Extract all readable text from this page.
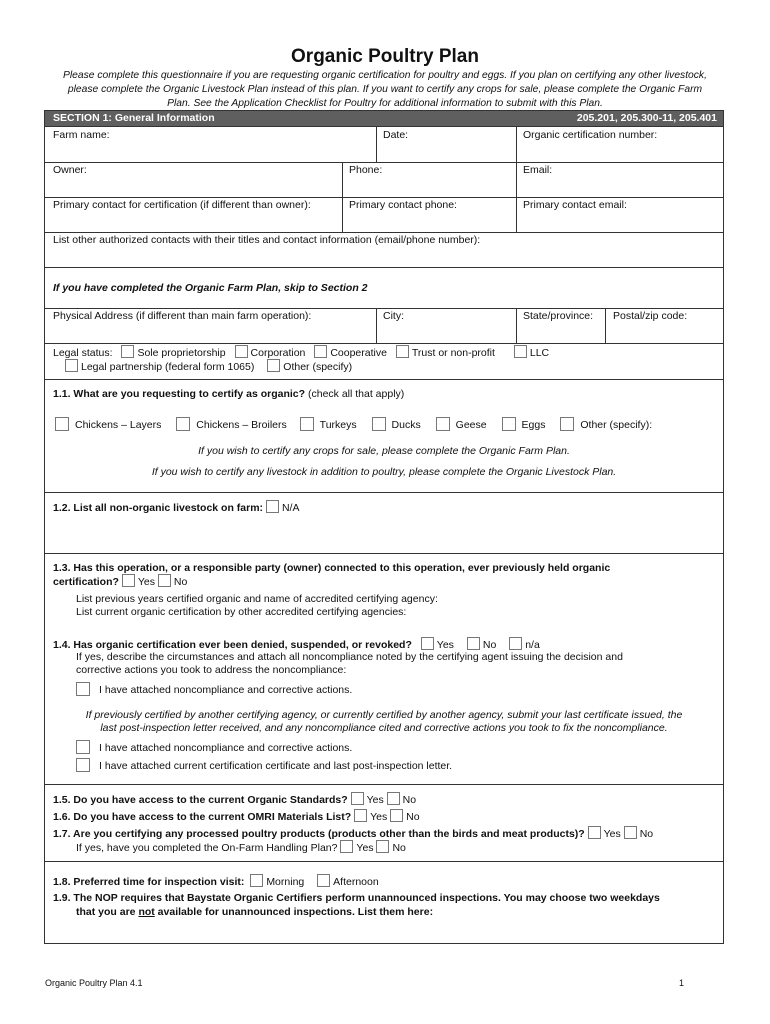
Organic Poultry Plan
Please complete this questionnaire if you are requesting organic certification for poultry and eggs. If you plan on certifying any other livestock, please complete the Organic Livestock Plan instead of this plan. If you want to certify any crops for sale, please complete the Organic Farm Plan. See the Application Checklist for Poultry for additional information to submit with this Plan.
SECTION 1: General Information	205.201, 205.300-11, 205.401
Farm name:	Date:	Organic certification number:
Owner:	Phone:	Email:
Primary contact for certification (if different than owner):	Primary contact phone:	Primary contact email:
List other authorized contacts with their titles and contact information (email/phone number):
If you have completed the Organic Farm Plan, skip to Section 2
Physical Address (if different than main farm operation):	City:	State/province: Postal/zip code:
Legal status: Sole proprietorship Corporation Cooperative Trust or non-profit	LLC
Legal partnership (federal form 1065)	Other (specify)
1.1. What are you requesting to certify as organic? (check all that apply)
Chickens – Layers	Chickens – Broilers	Turkeys	Ducks	Geese	Eggs	Other (specify):
If you wish to certify any crops for sale, please complete the Organic Farm Plan.
If you wish to certify any livestock in addition to poultry, please complete the Organic Livestock Plan.
1.2. List all non-organic livestock on farm: N/A
1.3. Has this operation, or a responsible party (owner) connected to this operation, ever previously held organic
certification? Yes No
List previous years certified organic and name of accredited certifying agency:
List current organic certification by other accredited certifying agencies:
1.4. Has organic certification ever been denied, suspended, or revoked? Yes	No	n/a
If yes, describe the circumstances and attach all noncompliance noted by the certifying agent issuing the decision and
corrective actions you took to address the noncompliance:
I have attached noncompliance and corrective actions.
If previously certified by another certifying agency, or currently certified by another agency, submit your last certificate issued, the
last post-inspection letter received, and any noncompliance cited and corrective actions you took to fix the noncompliance.
I have attached noncompliance and corrective actions.
I have attached current certification certificate and last post-inspection letter.
1.5. Do you have access to the current Organic Standards? Yes No
1.6. Do you have access to the current OMRI Materials List? Yes No
1.7. Are you certifying any processed poultry products (products other than the birds and meat products)? Yes No
If yes, have you completed the On-Farm Handling Plan? Yes No
1.8. Preferred time for inspection visit: Morning	Afternoon
1.9. The NOP requires that Baystate Organic Certifiers perform unannounced inspections. You may choose two weekdays
that you are not available for unannounced inspections. List them here:
Organic Poultry Plan 4.1	1
